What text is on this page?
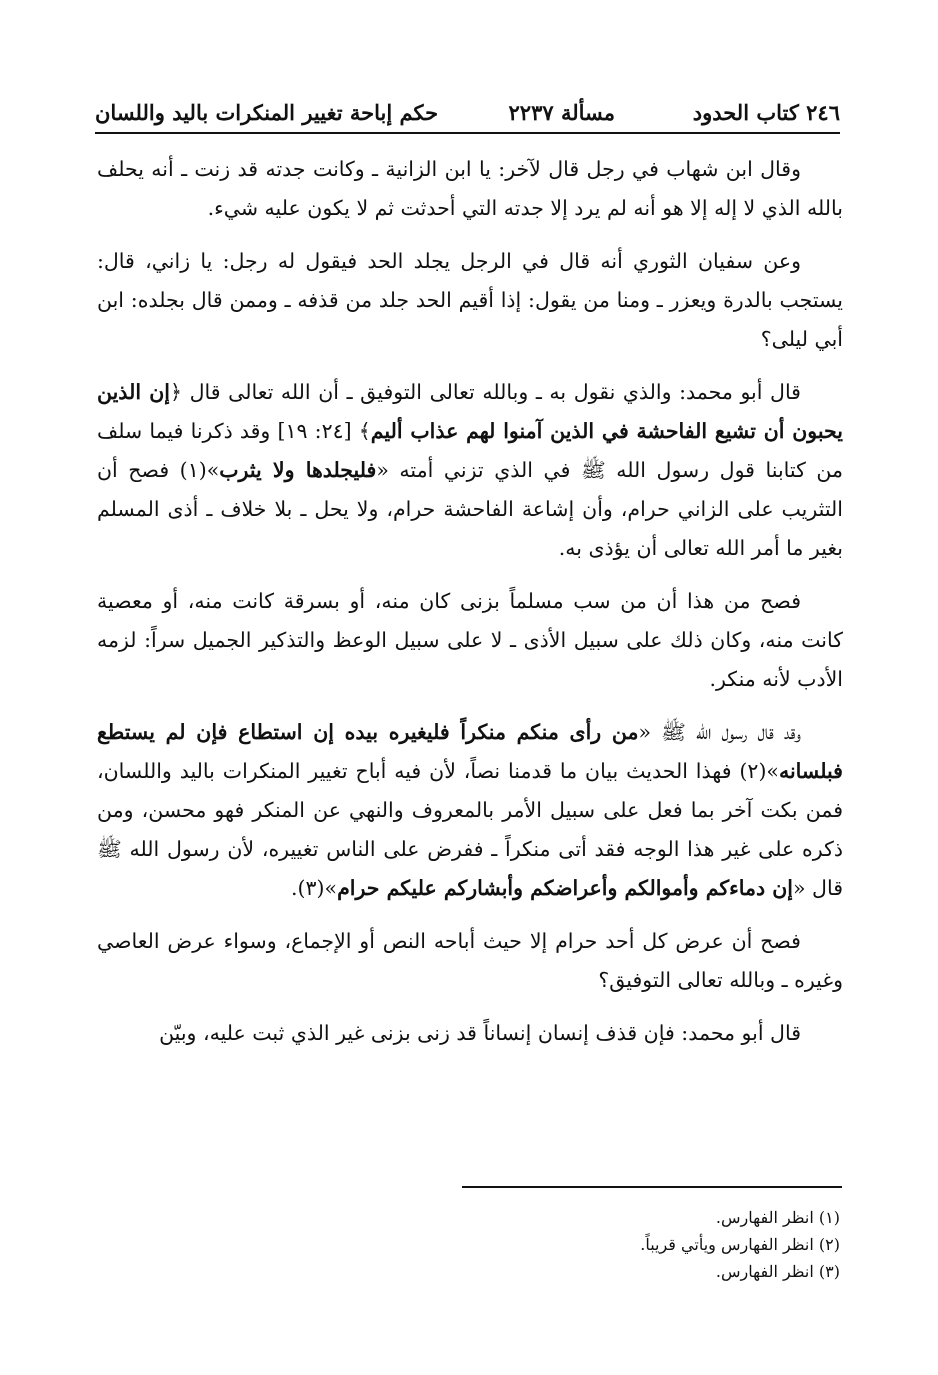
٢٤٦ كتاب الحدود
مسألة ٢٢٣٧
حكم إباحة تغيير المنكرات باليد واللسان

وقال ابن شهاب في رجل قال لآخر: يا ابن الزانية ـ وكانت جدته قد زنت ـ أنه يحلف بالله الذي لا إله إلا هو أنه لم يرد إلا جدته التي أحدثت ثم لا يكون عليه شيء.

وعن سفيان الثوري أنه قال في الرجل يجلد الحد فيقول له رجل: يا زاني، قال: يستجب بالدرة ويعزر ـ ومنا من يقول: إذا أقيم الحد جلد من قذفه ـ وممن قال بجلده: ابن أبي ليلى؟

قال أبو محمد: والذي نقول به ـ وبالله تعالى التوفيق ـ أن الله تعالى قال ﴿إن الذين يحبون أن تشيع الفاحشة في الذين آمنوا لهم عذاب أليم﴾ [٢٤: ١٩] وقد ذكرنا فيما سلف من كتابنا قول رسول الله ﷺ في الذي تزني أمته «فليجلدها ولا يثرب»(١) فصح أن التثريب على الزاني حرام، وأن إشاعة الفاحشة حرام، ولا يحل ـ بلا خلاف ـ أذى المسلم بغير ما أمر الله تعالى أن يؤذى به.

فصح من هذا أن من سب مسلماً بزنى كان منه، أو بسرقة كانت منه، أو معصية كانت منه، وكان ذلك على سبيل الأذى ـ لا على سبيل الوعظ والتذكير الجميل سراً: لزمه الأدب لأنه منكر.

وقد قال رسول الله ﷺ «من رأى منكم منكراً فليغيره بيده إن استطاع فإن لم يستطع فبلسانه»(٢) فهذا الحديث بيان ما قدمنا نصاً، لأن فيه أباح تغيير المنكرات باليد واللسان، فمن بكت آخر بما فعل على سبيل الأمر بالمعروف والنهي عن المنكر فهو محسن، ومن ذكره على غير هذا الوجه فقد أتى منكراً ـ ففرض على الناس تغييره، لأن رسول الله ﷺ قال «إن دماءكم وأموالكم وأعراضكم وأبشاركم عليكم حرام»(٣).

فصح أن عرض كل أحد حرام إلا حيث أباحه النص أو الإجماع، وسواء عرض العاصي وغيره ـ وبالله تعالى التوفيق؟

قال أبو محمد: فإن قذف إنسان إنساناً قد زنى بزنى غير الذي ثبت عليه، وبيّن

(١) انظر الفهارس.
(٢) انظر الفهارس ويأتي قريباً.
(٣) انظر الفهارس.
